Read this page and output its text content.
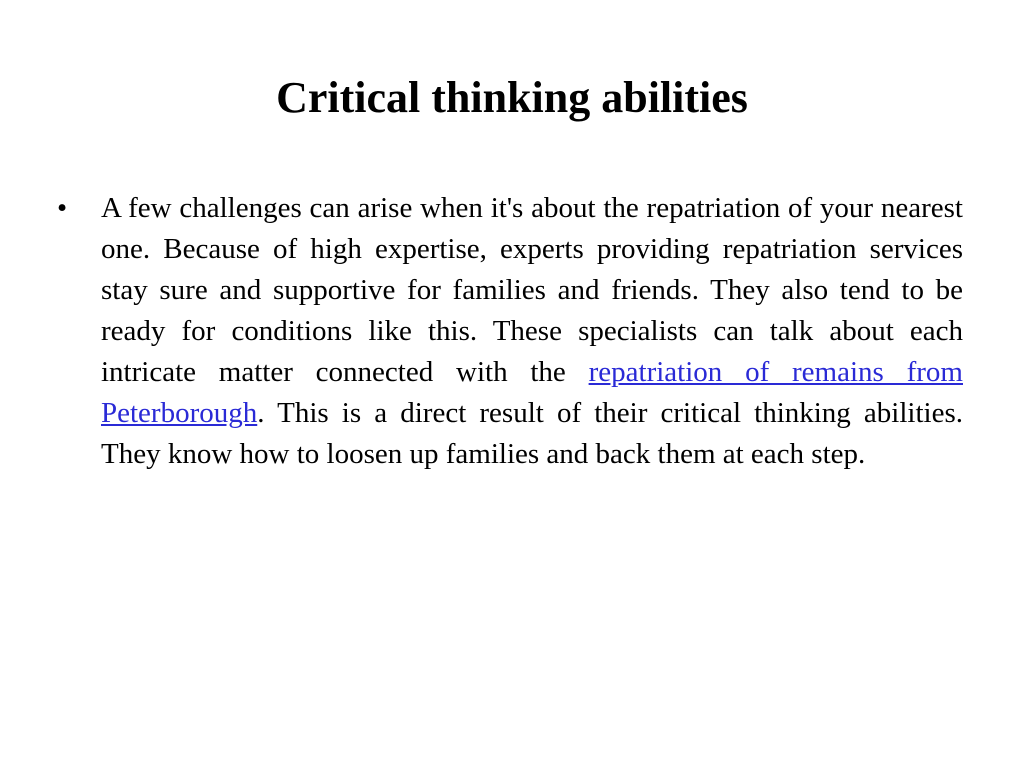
Critical thinking abilities
• A few challenges can arise when it's about the repatriation of your nearest one. Because of high expertise, experts providing repatriation services stay sure and supportive for families and friends. They also tend to be ready for conditions like this. These specialists can talk about each intricate matter connected with the repatriation of remains from Peterborough. This is a direct result of their critical thinking abilities. They know how to loosen up families and back them at each step.
